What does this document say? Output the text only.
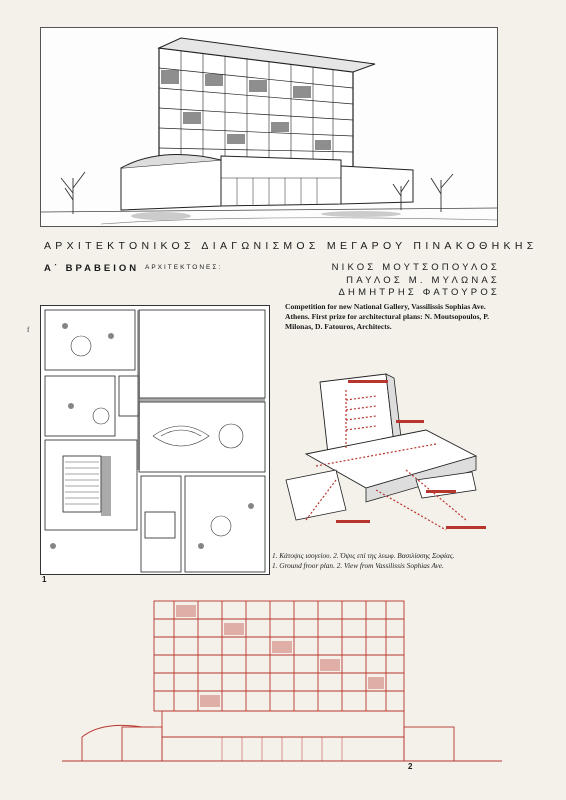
ΑΡΧΙΤΕΚΤΟΝΙΚΟΣ ΔΙΑΓΩΝΙΣΜΟΣ ΜΕΓΑΡΟΥ ΠΙΝΑΚΟΘΗΚΗΣ
Α΄ ΒΡΑΒΕΙΟΝ ΑΡΧΙΤΕΚΤΟΝΕΣ:	ΝΙΚΟΣ ΜΟΥΤΣΟΠΟΥΛΟΣ
ΠΑΥΛΟΣ Μ. ΜΥΛΩΝΑΣ
ΔΗΜΗΤΡΗΣ ΦΑΤΟΥΡΟΣ
Competition for new National Gallery, Vassilissis Sophias Ave. Athens. First prize for architectural plans: N. Moutsopoulos, P. Milonas, D. Fatouros, Architects.
f
1
1. Κάτοψις ισογείου. 2. Όψις επί της λεωφ. Βασιλίσσης Σοφίας.
1. Ground froor plan. 2. View from Vassilissis Sophias Ave.
2
